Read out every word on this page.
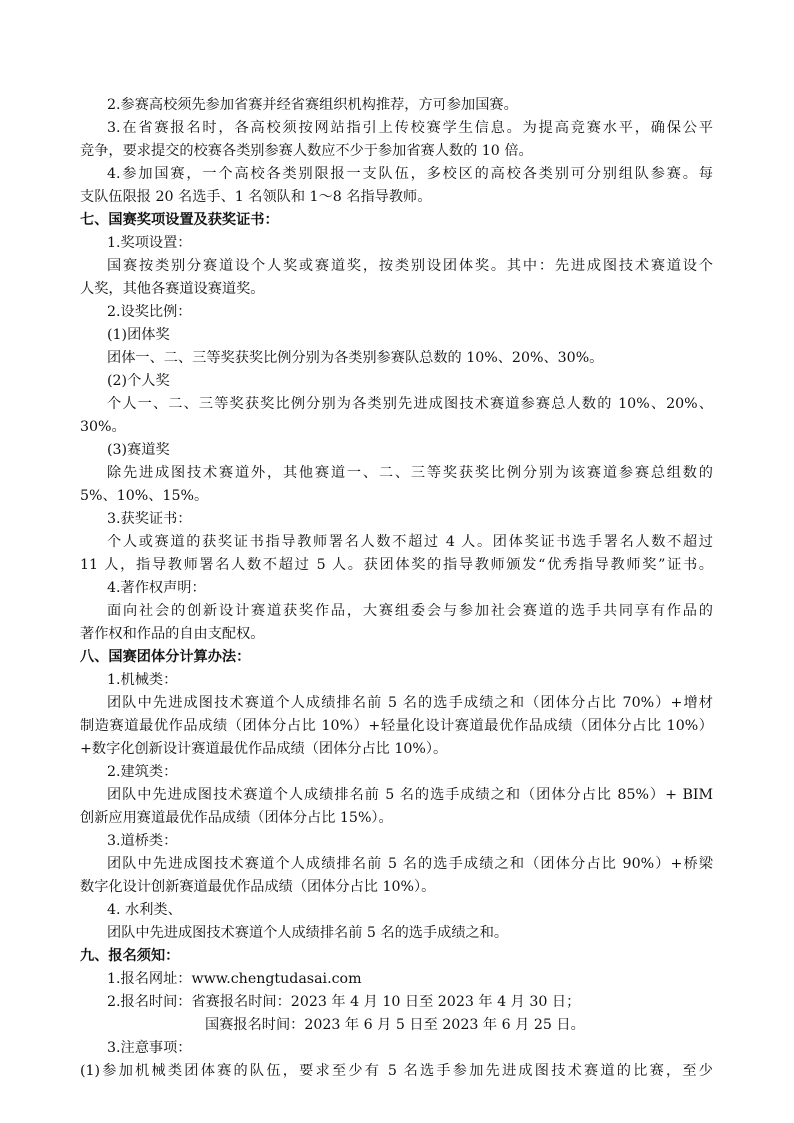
2.参赛高校须先参加省赛并经省赛组织机构推荐，方可参加国赛。
3.在省赛报名时，各高校须按网站指引上传校赛学生信息。为提高竞赛水平，确保公平
竞争，要求提交的校赛各类别参赛人数应不少于参加省赛人数的 10 倍。
4.参加国赛，一个高校各类别限报一支队伍，多校区的高校各类别可分别组队参赛。每
支队伍限报 20 名选手、1 名领队和 1～8 名指导教师。
七、国赛奖项设置及获奖证书：
1.奖项设置：
国赛按类别分赛道设个人奖或赛道奖，按类别设团体奖。其中：先进成图技术赛道设个
人奖，其他各赛道设赛道奖。
2.设奖比例：
(1)团体奖
团体一、二、三等奖获奖比例分别为各类别参赛队总数的 10%、20%、30%。
(2)个人奖
个人一、二、三等奖获奖比例分别为各类别先进成图技术赛道参赛总人数的 10%、20%、
30%。
(3)赛道奖
除先进成图技术赛道外，其他赛道一、二、三等奖获奖比例分别为该赛道参赛总组数的
5%、10%、15%。
3.获奖证书：
个人或赛道的获奖证书指导教师署名人数不超过 4 人。团体奖证书选手署名人数不超过
11 人，指导教师署名人数不超过 5 人。获团体奖的指导教师颁发“优秀指导教师奖”证书。
4.著作权声明：
面向社会的创新设计赛道获奖作品，大赛组委会与参加社会赛道的选手共同享有作品的
著作权和作品的自由支配权。
八、国赛团体分计算办法：
1.机械类：
团队中先进成图技术赛道个人成绩排名前 5 名的选手成绩之和（团体分占比 70%）+增材
制造赛道最优作品成绩（团体分占比 10%）+轻量化设计赛道最优作品成绩（团体分占比 10%）
+数字化创新设计赛道最优作品成绩（团体分占比 10%）。
2.建筑类：
团队中先进成图技术赛道个人成绩排名前 5 名的选手成绩之和（团体分占比 85%）+ BIM
创新应用赛道最优作品成绩（团体分占比 15%）。
3.道桥类：
团队中先进成图技术赛道个人成绩排名前 5 名的选手成绩之和（团体分占比 90%）+桥梁
数字化设计创新赛道最优作品成绩（团体分占比 10%）。
4. 水利类、
团队中先进成图技术赛道个人成绩排名前 5 名的选手成绩之和。
九、报名须知：
1.报名网址：www.chengtudasai.com
2.报名时间：省赛报名时间：2023 年 4 月 10 日至 2023 年 4 月 30 日；
国赛报名时间：2023 年 6 月 5 日至 2023 年 6 月 25 日。
3.注意事项：
(1)参加机械类团体赛的队伍，要求至少有 5 名选手参加先进成图技术赛道的比赛，至少
